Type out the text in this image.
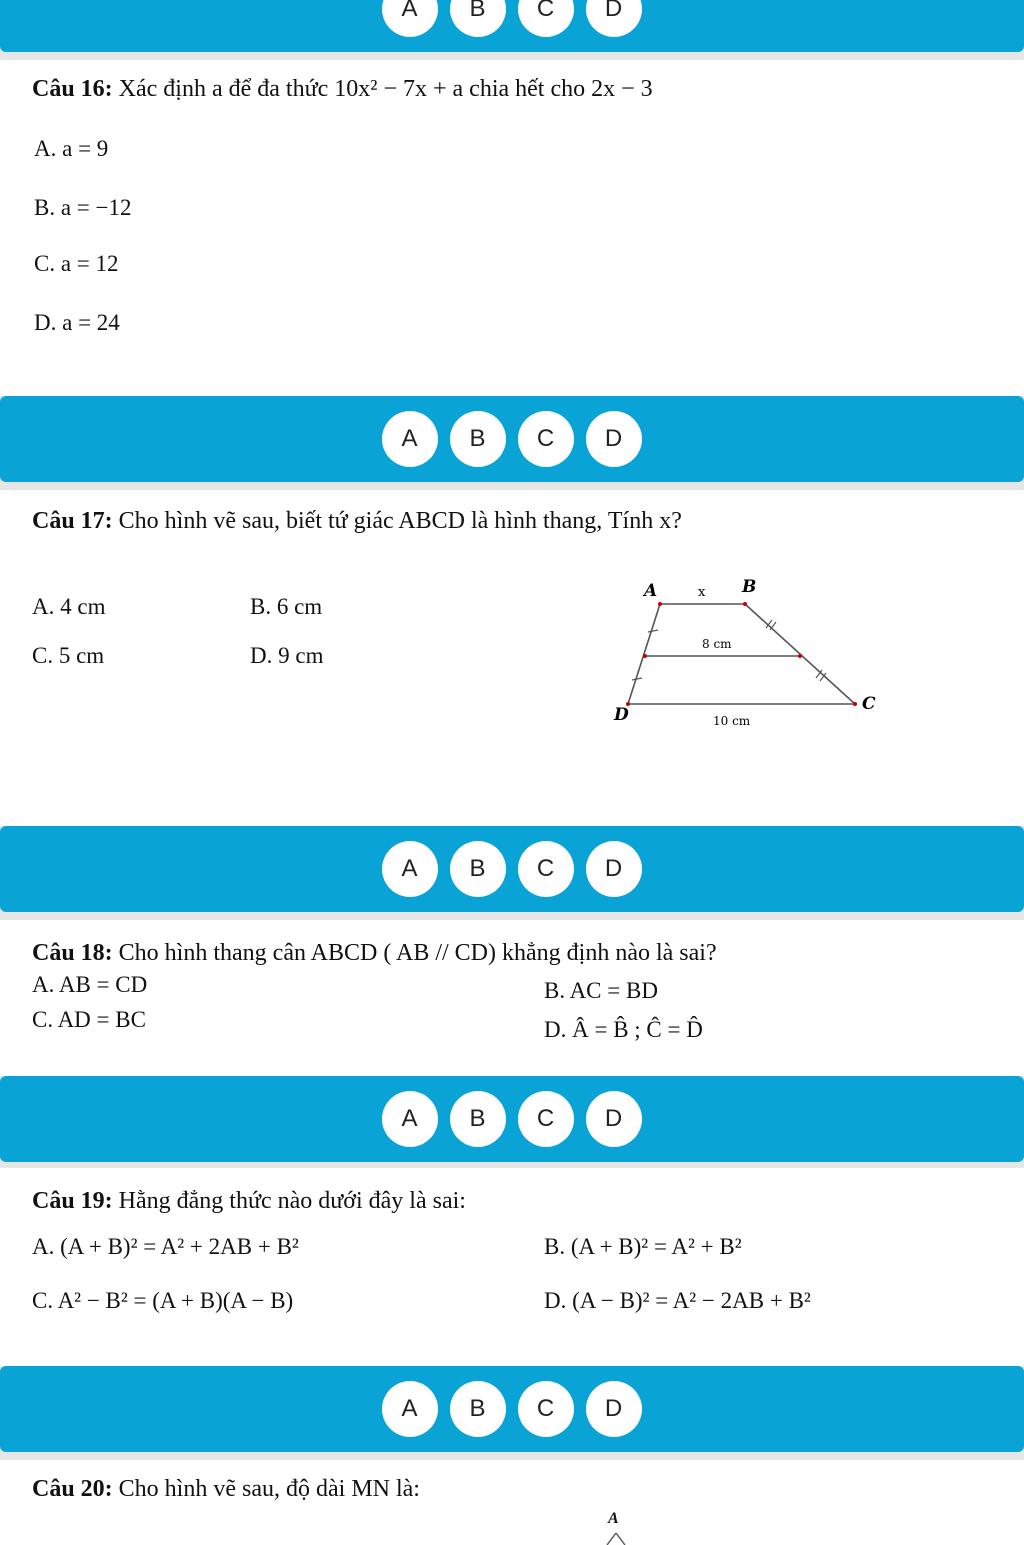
A	B	C	D
Câu 16: Xác định a để đa thức 10x² − 7x + a chia hết cho 2x − 3
A. a = 9
B. a = −12
C. a = 12
D. a = 24
A	B	C	D
Câu 17: Cho hình vẽ sau, biết tứ giác ABCD là hình thang, Tính x?
A. 4 cm	B. 6 cm
C. 5 cm	D. 9 cm
A	x B
8 cm
D
C
10 cm
A	B	C	D
Câu 18: Cho hình thang cân ABCD ( AB // CD) khẳng định nào là sai?
A. AB = CD	B. AC = BD
C. AD = BC	D. Â = B̂ ; Ĉ = D̂
A	B	C	D
Câu 19: Hằng đẳng thức nào dưới đây là sai:
A. (A + B)² = A² + 2AB + B²	B. (A + B)² = A² + B²
C. A² − B² = (A + B)(A − B)	D. (A − B)² = A² − 2AB + B²
A	B	C	D
Câu 20: Cho hình vẽ sau, độ dài MN là:
A
